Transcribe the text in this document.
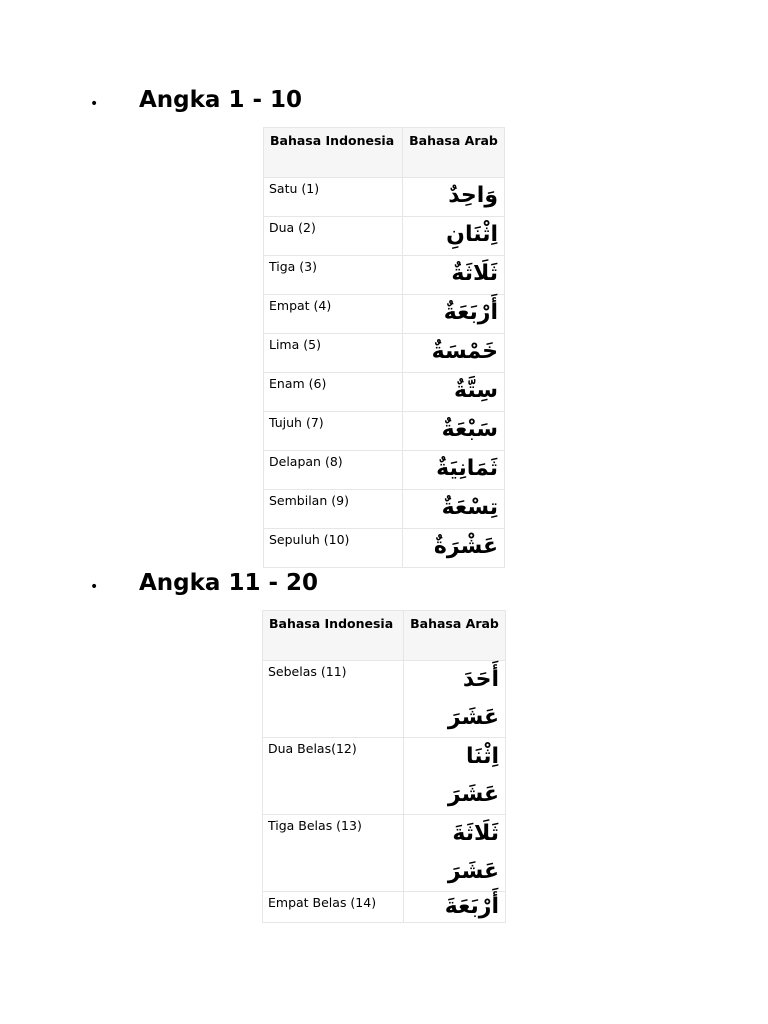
• Angka 1 - 10
Bahasa Indonesia	Bahasa Arab
Satu (1)	وَاحِدٌ
Dua (2)	اِثْنَانِ
Tiga (3)	ثَلَاثَةٌ
Empat (4)	أَرْبَعَةٌ
Lima (5)	خَمْسَةٌ
Enam (6)	سِتَّةٌ
Tujuh (7)	سَبْعَةٌ
Delapan (8)	ثَمَانِيَةٌ
Sembilan (9)	تِسْعَةٌ
Sepuluh (10)	عَشْرَةٌ
• Angka 11 - 20
Bahasa Indonesia	Bahasa Arab
Sebelas (11)	أَحَدَ
عَشَرَ

Dua Belas(12)	اِثْنَا
عَشَرَ

Tiga Belas (13)	ثَلَاثَةَ
عَشَرَ

Empat Belas (14)	أَرْبَعَةَ
